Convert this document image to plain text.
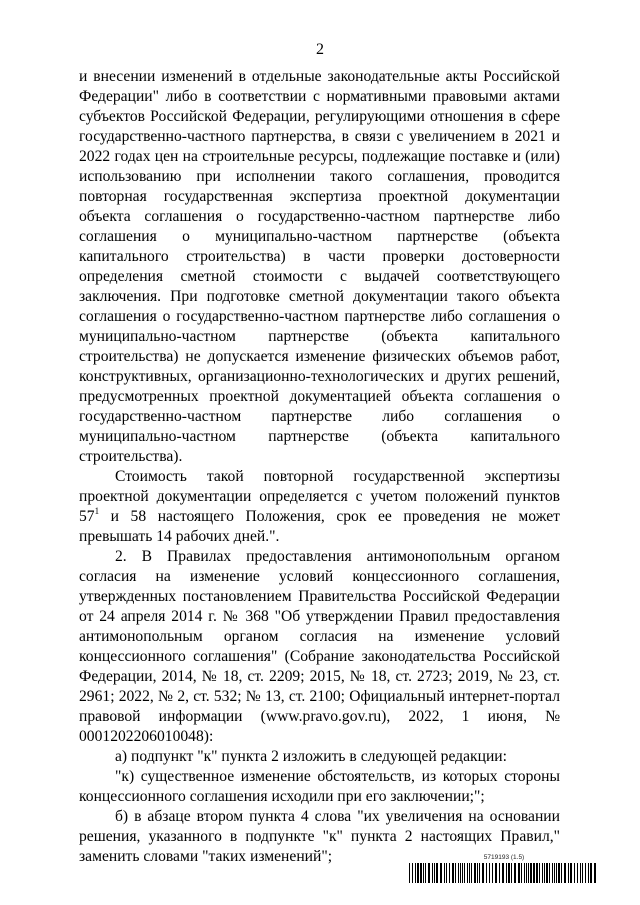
2

и внесении изменений в отдельные законодательные акты Российской Федерации" либо в соответствии с нормативными правовыми актами субъектов Российской Федерации, регулирующими отношения в сфере государственно-частного партнерства, в связи с увеличением в 2021 и 2022 годах цен на строительные ресурсы, подлежащие поставке и (или) использованию при исполнении такого соглашения, проводится повторная государственная экспертиза проектной документации объекта соглашения о государственно-частном партнерстве либо соглашения о муниципально-частном партнерстве (объекта капитального строительства) в части проверки достоверности определения сметной стоимости с выдачей соответствующего заключения. При подготовке сметной документации такого объекта соглашения о государственно-частном партнерстве либо соглашения о муниципально-частном партнерстве (объекта капитального строительства) не допускается изменение физических объемов работ, конструктивных, организационно-технологических и других решений, предусмотренных проектной документацией объекта соглашения о государственно-частном партнерстве либо соглашения о муниципально-частном партнерстве (объекта капитального строительства).

Стоимость такой повторной государственной экспертизы проектной документации определяется с учетом положений пунктов 57$^1$ и 58 настоящего Положения, срок ее проведения не может превышать 14 рабочих дней.".

2. В Правилах предоставления антимонопольным органом согласия на изменение условий концессионного соглашения, утвержденных постановлением Правительства Российской Федерации от 24 апреля 2014 г. № 368 "Об утверждении Правил предоставления антимонопольным органом согласия на изменение условий концессионного соглашения" (Собрание законодательства Российской Федерации, 2014, № 18, ст. 2209; 2015, № 18, ст. 2723; 2019, № 23, ст. 2961; 2022, № 2, ст. 532; № 13, ст. 2100; Официальный интернет-портал правовой информации (www.pravo.gov.ru), 2022, 1 июня, № 0001202206010048):

а) подпункт "к" пункта 2 изложить в следующей редакции:

"к) существенное изменение обстоятельств, из которых стороны концессионного соглашения исходили при его заключении;";

б) в абзаце втором пункта 4 слова "их увеличения на основании решения, указанного в подпункте "к" пункта 2 настоящих Правил," заменить словами "таких изменений";	5719193 (1.5)
